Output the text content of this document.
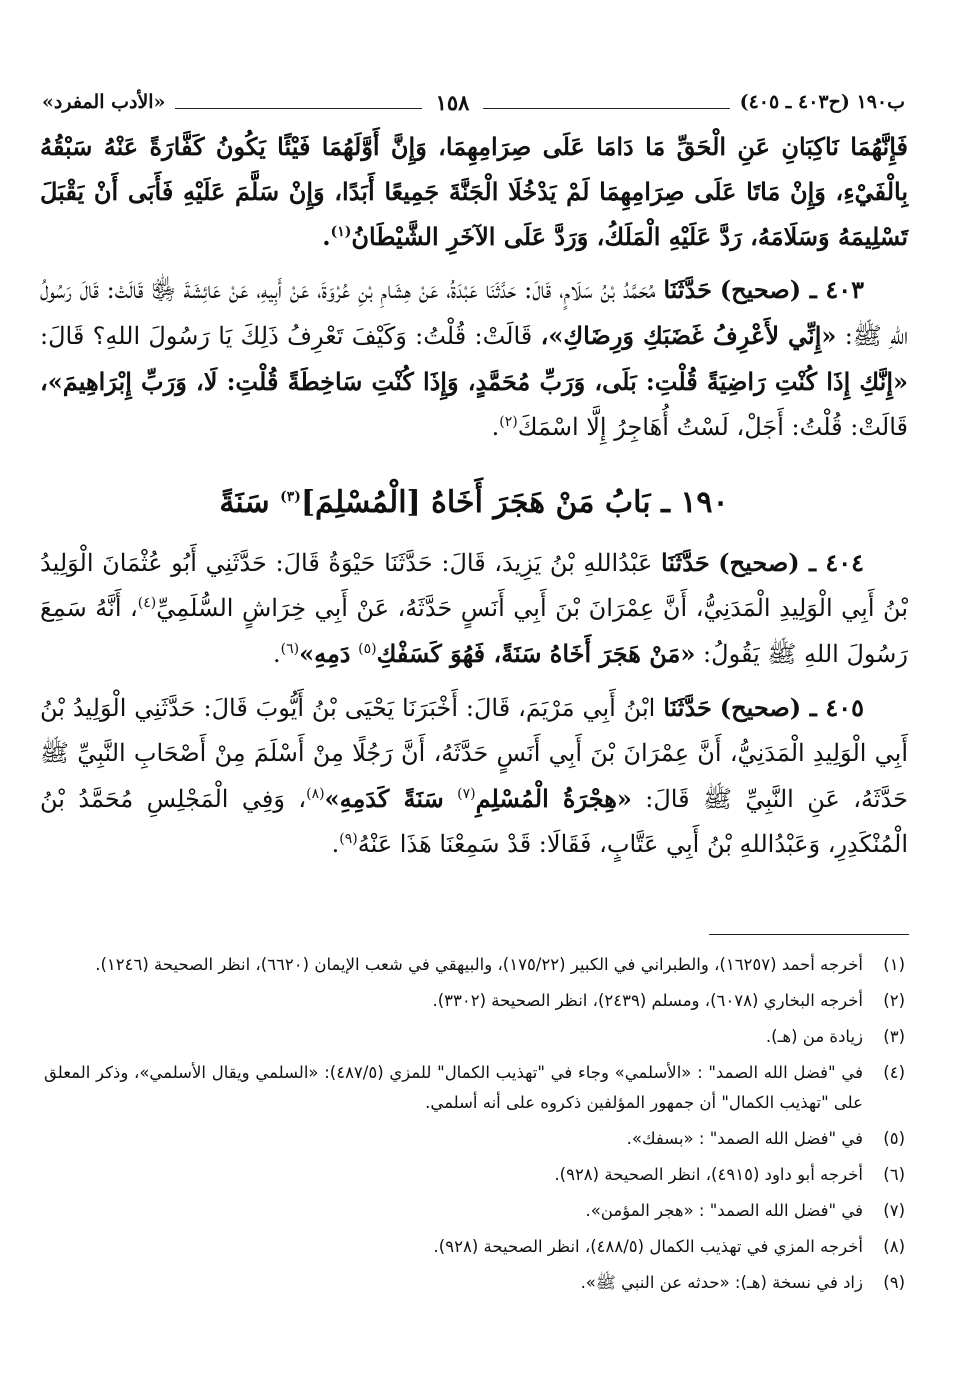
ب١٩٠ (ح٤٠٣ ـ ٤٠٥)
١٥٨
«الأدب المفرد»

فَإِنَّهُمَا نَاكِبَانِ عَنِ الْحَقِّ مَا دَامَا عَلَى صِرَامِهِمَا، وَإِنَّ أَوَّلَهُمَا فَيْئًا يَكُونُ كَفَّارَةً عَنْهُ سَبْقُهُ بِالْفَيْءِ، وَإِنْ مَاتَا عَلَى صِرَامِهِمَا لَمْ يَدْخُلَا الْجَنَّةَ جَمِيعًا أَبَدًا، وَإِنْ سَلَّمَ عَلَيْهِ فَأَبَى أَنْ يَقْبَلَ تَسْلِيمَهُ وَسَلَامَهُ، رَدَّ عَلَيْهِ الْمَلَكُ، وَرَدَّ عَلَى الآخَرِ الشَّيْطَانُ$^{(١)}$.

٤٠٣ ـ (صحيح) حَدَّثَنَا مُحَمَّدُ بْنُ سَلَامٍ، قَالَ: حَدَّثَنَا عَبْدَةُ، عَنْ هِشَامِ بْنِ عُرْوَةَ، عَنْ أَبِيهِ، عَنْ عَائِشَةَ ﵂ قَالَتْ: قَالَ رَسُولُ اللهِ ﷺ: «إِنِّي لأَعْرِفُ غَضَبَكِ وَرِضَاكِ»، قَالَتْ: قُلْتُ: وَكَيْفَ تَعْرِفُ ذَلِكَ يَا رَسُولَ اللهِ؟ قَالَ: «إِنَّكِ إِذَا كُنْتِ رَاضِيَةً قُلْتِ: بَلَى، وَرَبِّ مُحَمَّدٍ، وَإِذَا كُنْتِ سَاخِطَةً قُلْتِ: لَا، وَرَبِّ إِبْرَاهِيمَ»، قَالَتْ: قُلْتُ: أَجَلْ، لَسْتُ أُهَاجِرُ إِلَّا اسْمَكَ$^{(٢)}$.

١٩٠ ـ بَابُ مَنْ هَجَرَ أَخَاهُ [الْمُسْلِمَ]$^{(٣)}$ سَنَةً

٤٠٤ ـ (صحيح) حَدَّثَنَا عَبْدُاللهِ بْنُ يَزِيدَ، قَالَ: حَدَّثَنَا حَيْوَةُ قَالَ: حَدَّثَنِي أَبُو عُثْمَانَ الْوَلِيدُ بْنُ أَبِي الْوَلِيدِ الْمَدَنِيُّ، أَنَّ عِمْرَانَ بْنَ أَبِي أَنَسٍ حَدَّثَهُ، عَنْ أَبِي خِرَاشٍ السُّلَمِيِّ$^{(٤)}$، أَنَّهُ سَمِعَ رَسُولَ اللهِ ﷺ يَقُولُ: «مَنْ هَجَرَ أَخَاهُ سَنَةً، فَهُوَ كَسَفْكِ$^{(٥)}$ دَمِهِ»$^{(٦)}$.

٤٠٥ ـ (صحيح) حَدَّثَنَا ابْنُ أَبِي مَرْيَمَ، قَالَ: أَخْبَرَنَا يَحْيَى بْنُ أَيُّوبَ قَالَ: حَدَّثَنِي الْوَلِيدُ بْنُ أَبِي الْوَلِيدِ الْمَدَنِيُّ، أَنَّ عِمْرَانَ بْنَ أَبِي أَنَسٍ حَدَّثَهُ، أَنَّ رَجُلًا مِنْ أَسْلَمَ مِنْ أَصْحَابِ النَّبِيِّ ﷺ حَدَّثَهُ، عَنِ النَّبِيِّ ﷺ قَالَ: «هِجْرَةُ الْمُسْلِمِ$^{(٧)}$ سَنَةً كَدَمِهِ»$^{(٨)}$، وَفِي الْمَجْلِسِ مُحَمَّدُ بْنُ الْمُنْكَدِرِ، وَعَبْدُاللهِ بْنُ أَبِي عَتَّابٍ، فَقَالَا: قَدْ سَمِعْنَا هَذَا عَنْهُ$^{(٩)}$.

(١)
أخرجه أحمد (١٦٢٥٧)، والطبراني في الكبير (١٧٥/٢٢)، والبيهقي في شعب الإيمان (٦٦٢٠)، انظر الصحيحة (١٢٤٦).
(٢)
أخرجه البخاري (٦٠٧٨)، ومسلم (٢٤٣٩)، انظر الصحيحة (٣٣٠٢).
(٣)
زيادة من (هـ).
(٤)
في "فضل الله الصمد" : «الأسلمي» وجاء في "تهذيب الكمال" للمزي (٤٨٧/٥): «السلمي ويقال الأسلمي»، وذكر المعلق على "تهذيب الكمال" أن جمهور المؤلفين ذكروه على أنه أسلمي.
(٥)
في "فضل الله الصمد" : «بسفك».
(٦)
أخرجه أبو داود (٤٩١٥)، انظر الصحيحة (٩٢٨).
(٧)
في "فضل الله الصمد" : «هجر المؤمن».
(٨)
أخرجه المزي في تهذيب الكمال (٤٨٨/٥)، انظر الصحيحة (٩٢٨).
(٩)
زاد في نسخة (هـ): «حدثه عن النبي ﷺ».
